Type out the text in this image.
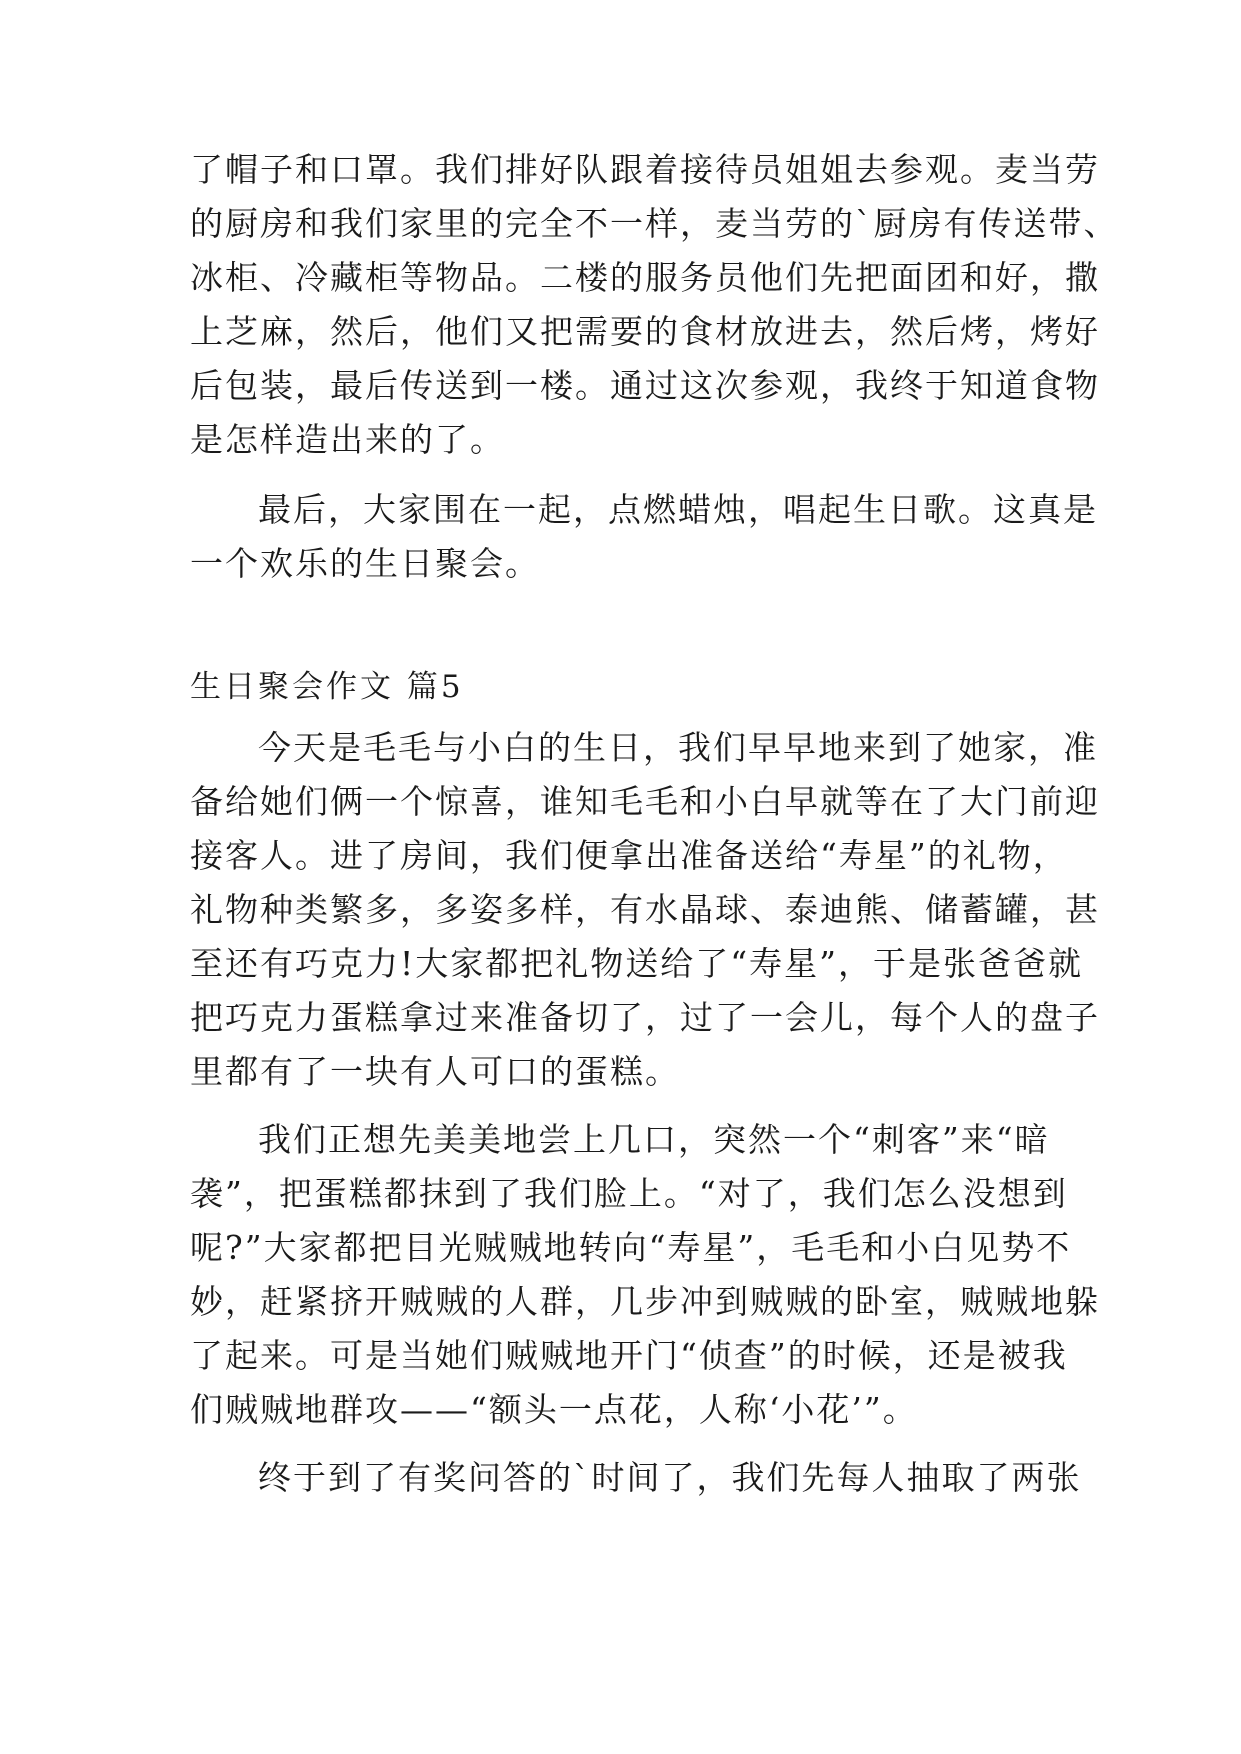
了帽子和口罩。我们排好队跟着接待员姐姐去参观。麦当劳
的厨房和我们家里的完全不一样，麦当劳的`厨房有传送带、
冰柜、冷藏柜等物品。二楼的服务员他们先把面团和好，撒
上芝麻，然后，他们又把需要的食材放进去，然后烤，烤好
后包装，最后传送到一楼。通过这次参观，我终于知道食物
是怎样造出来的了。
最后，大家围在一起，点燃蜡烛，唱起生日歌。这真是
一个欢乐的生日聚会。
生日聚会作文 篇5
今天是毛毛与小白的生日，我们早早地来到了她家，准
备给她们俩一个惊喜，谁知毛毛和小白早就等在了大门前迎
接客人。进了房间，我们便拿出准备送给“寿星”的礼物，
礼物种类繁多，多姿多样，有水晶球、泰迪熊、储蓄罐，甚
至还有巧克力!大家都把礼物送给了“寿星”，于是张爸爸就
把巧克力蛋糕拿过来准备切了，过了一会儿，每个人的盘子
里都有了一块有人可口的蛋糕。
我们正想先美美地尝上几口，突然一个“刺客”来“暗
袭”，把蛋糕都抹到了我们脸上。“对了，我们怎么没想到
呢?”大家都把目光贼贼地转向“寿星”，毛毛和小白见势不
妙，赶紧挤开贼贼的人群，几步冲到贼贼的卧室，贼贼地躲
了起来。可是当她们贼贼地开门“侦查”的时候，还是被我
们贼贼地群攻——“额头一点花，人称‘小花’”。
终于到了有奖问答的`时间了，我们先每人抽取了两张
